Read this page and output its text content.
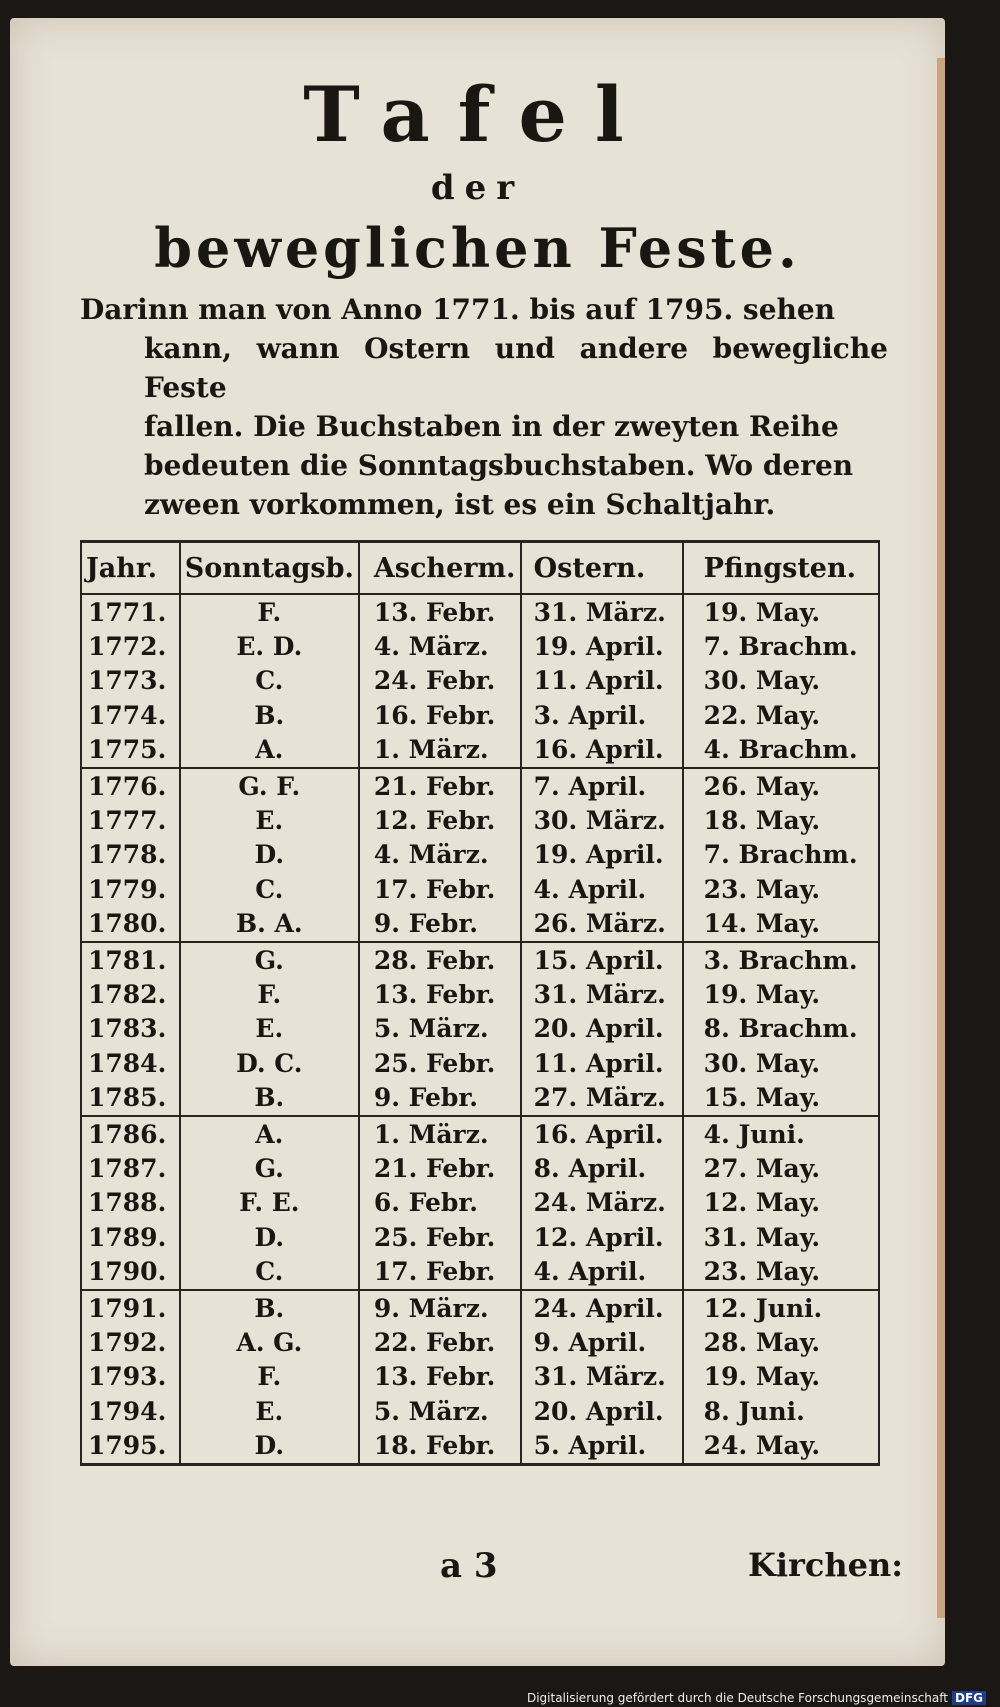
Tafel
der
beweglichen Feste.
Darinn man von Anno 1771. bis auf 1795. sehen
kann, wann Ostern und andere bewegliche Feste
fallen. Die Buchstaben in der zweyten Reihe
bedeuten die Sonntagsbuchstaben. Wo deren
zween vorkommen, ist es ein Schaltjahr.
Jahr.	Sonntagsb.	Ascherm.	Ostern.	Pfingsten.
1771.	F.	13. Febr.	31. März.	19. May.
1772.	E. D.	4. März.	19. April.	7. Brachm.
1773.	C.	24. Febr.	11. April.	30. May.
1774.	B.	16. Febr.	3. April.	22. May.
1775.	A.	1. März.	16. April.	4. Brachm.
1776.	G. F.	21. Febr.	7. April.	26. May.
1777.	E.	12. Febr.	30. März.	18. May.
1778.	D.	4. März.	19. April.	7. Brachm.
1779.	C.	17. Febr.	4. April.	23. May.
1780.	B. A.	9. Febr.	26. März.	14. May.
1781.	G.	28. Febr.	15. April.	3. Brachm.
1782.	F.	13. Febr.	31. März.	19. May.
1783.	E.	5. März.	20. April.	8. Brachm.
1784.	D. C.	25. Febr.	11. April.	30. May.
1785.	B.	9. Febr.	27. März.	15. May.
1786.	A.	1. März.	16. April.	4. Juni.
1787.	G.	21. Febr.	8. April.	27. May.
1788.	F. E.	6. Febr.	24. März.	12. May.
1789.	D.	25. Febr.	12. April.	31. May.
1790.	C.	17. Febr.	4. April.	23. May.
1791.	B.	9. März.	24. April.	12. Juni.
1792.	A. G.	22. Febr.	9. April.	28. May.
1793.	F.	13. Febr.	31. März.	19. May.
1794.	E.	5. März.	20. April.	8. Juni.
1795.	D.	18. Febr.	5. April.	24. May.
a 3	Kirchen:
Digitalisierung gefördert durch die Deutsche Forschungsgemeinschaft DFG
